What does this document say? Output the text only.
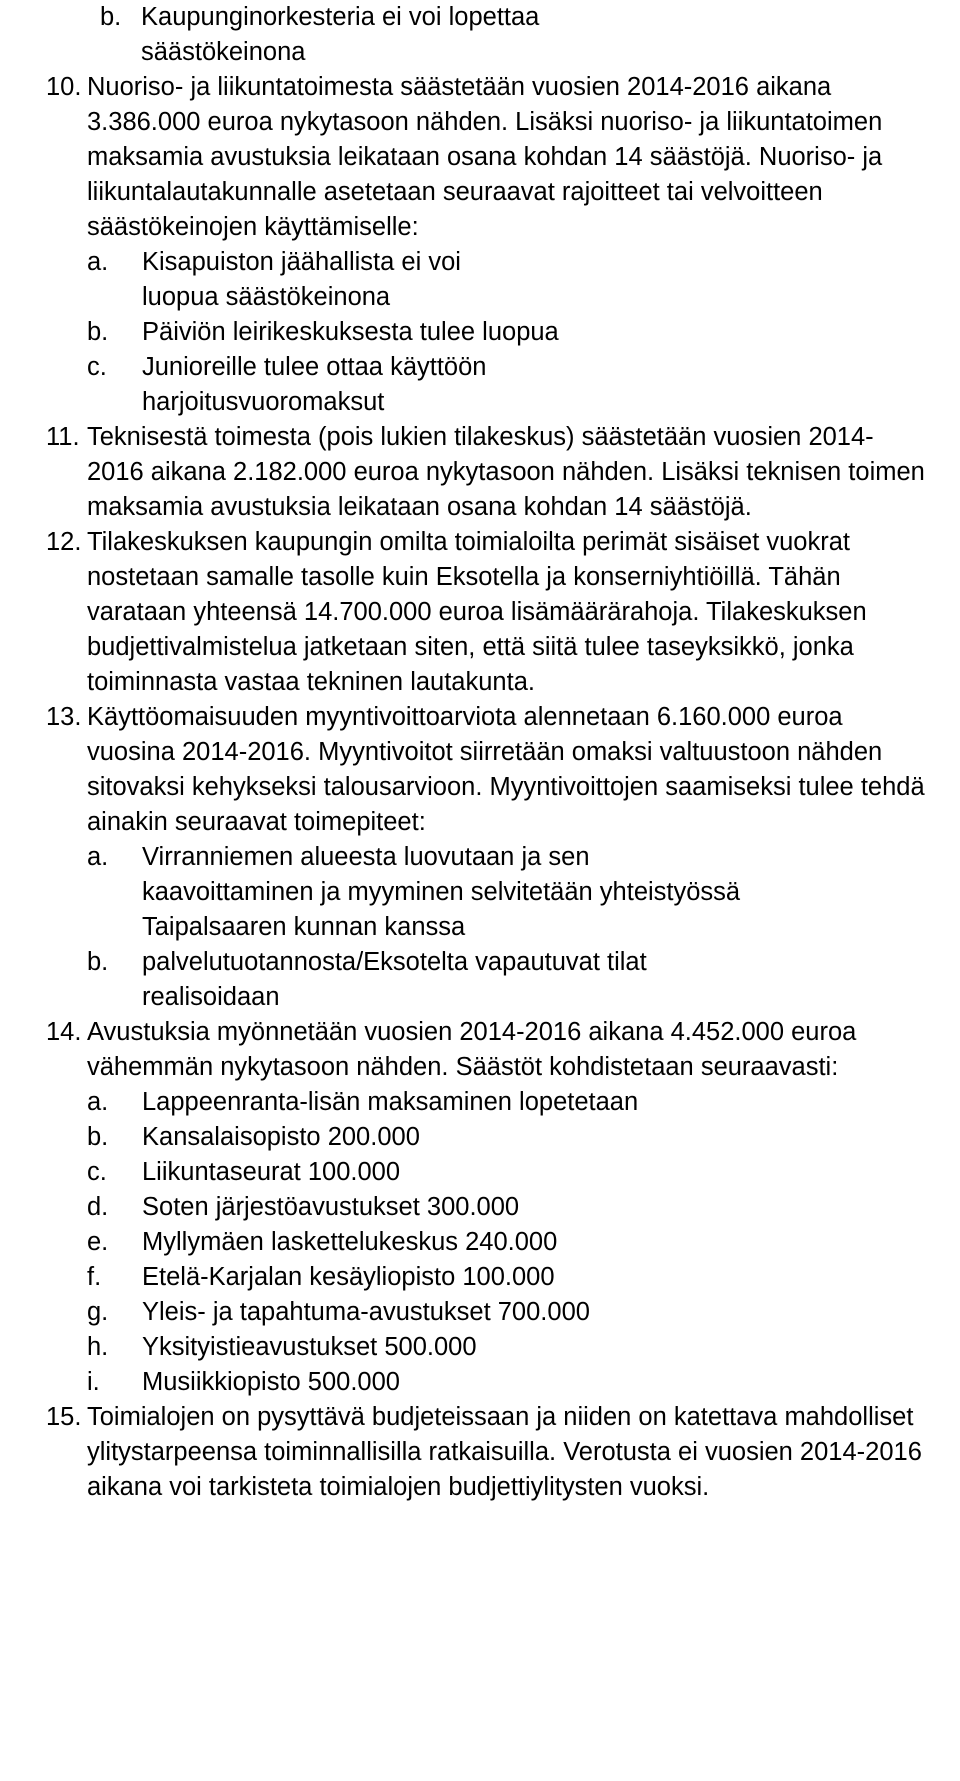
b. Kaupunginorkesteria ei voi lopettaa säästökeinona
10. Nuoriso- ja liikuntatoimesta säästetään vuosien 2014-2016 aikana 3.386.000 euroa nykytasoon nähden. Lisäksi nuoriso- ja liikuntatoimen maksamia avustuksia leikataan osana kohdan 14 säästöjä. Nuoriso- ja liikuntalautakunnalle asetetaan seuraavat rajoitteet tai velvoitteen säästökeinojen käyttämiselle:
a.	Kisapuiston jäähallista ei voi luopua säästökeinona
b.	Päiviön leirikeskuksesta tulee luopua
c.	Junioreille tulee ottaa käyttöön harjoitusvuoromaksut
11. Teknisestä toimesta (pois lukien tilakeskus) säästetään vuosien 2014-2016 aikana 2.182.000 euroa nykytasoon nähden. Lisäksi teknisen toimen maksamia avustuksia leikataan osana kohdan 14 säästöjä.
12. Tilakeskuksen kaupungin omilta toimialoilta perimät sisäiset vuokrat nostetaan samalle tasolle kuin Eksotella ja konserniyhtiöillä. Tähän varataan yhteensä 14.700.000 euroa lisämäärärahoja. Tilakeskuksen budjettivalmistelua jatketaan siten, että siitä tulee taseyksikkö, jonka toiminnasta vastaa tekninen lautakunta.
13. Käyttöomaisuuden myyntivoittoarviota alennetaan 6.160.000 euroa vuosina 2014-2016. Myyntivoitot siirretään omaksi valtuustoon nähden sitovaksi kehykseksi talousarvioon. Myyntivoittojen saamiseksi tulee tehdä ainakin seuraavat toimepiteet:
a.	Virranniemen alueesta luovutaan ja sen kaavoittaminen ja myyminen selvitetään yhteistyössä Taipalsaaren kunnan kanssa
b.	palvelutuotannosta/Eksotelta vapautuvat tilat realisoidaan
14. Avustuksia myönnetään vuosien 2014-2016 aikana 4.452.000 euroa vähemmän nykytasoon nähden. Säästöt kohdistetaan seuraavasti:
a.	Lappeenranta-lisän maksaminen lopetetaan
b.	Kansalaisopisto 200.000
c.	Liikuntaseurat 100.000
d.	Soten järjestöavustukset 300.000
e.	Myllymäen laskettelukeskus 240.000
f.	Etelä-Karjalan kesäyliopisto 100.000
g.	Yleis- ja tapahtuma-avustukset 700.000
h.	Yksityistieavustukset 500.000
i.	Musiikkiopisto 500.000
15. Toimialojen on pysyttävä budjeteissaan ja niiden on katettava mahdolliset ylitystarpeensa toiminnallisilla ratkaisuilla. Verotusta ei vuosien 2014-2016 aikana voi tarkisteta toimialojen budjettiylitysten vuoksi.
